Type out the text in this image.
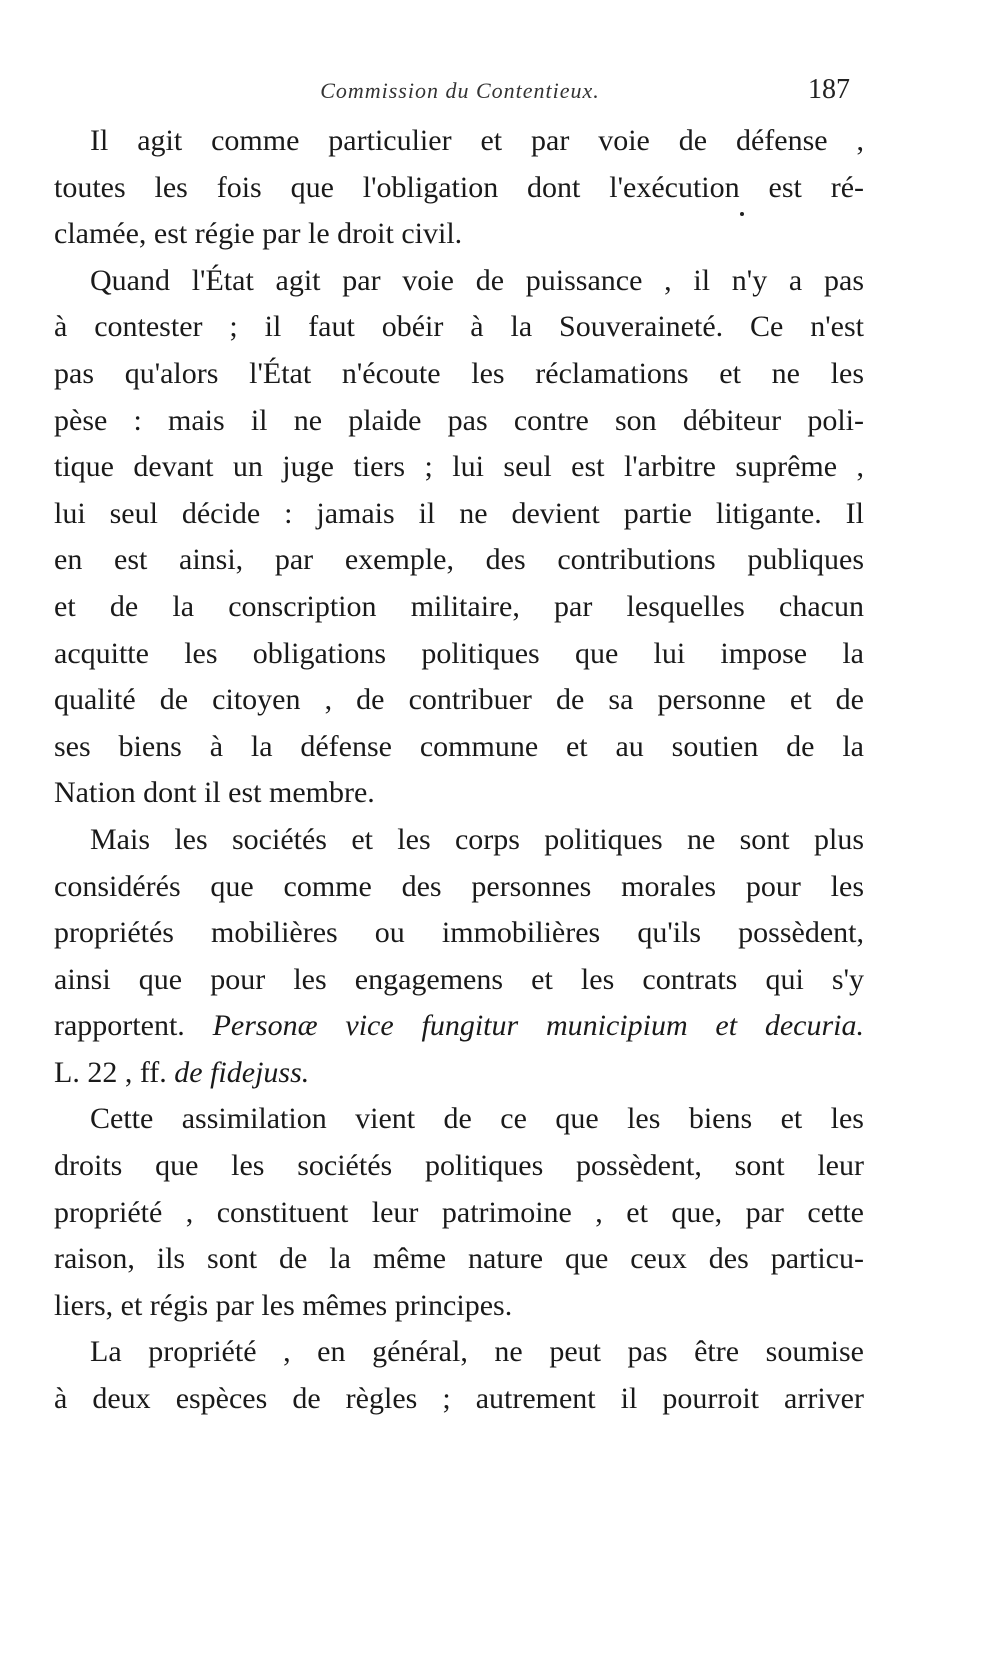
Commission du Contentieux.	187
Il agit comme particulier et par voie de défense ,
toutes les fois que l'obligation dont l'exécution est ré-
clamée, est régie par le droit civil.
Quand l'État agit par voie de puissance , il n'y a pas
à contester ; il faut obéir à la Souveraineté. Ce n'est
pas qu'alors l'État n'écoute les réclamations et ne les
pèse : mais il ne plaide pas contre son débiteur poli-
tique devant un juge tiers ; lui seul est l'arbitre suprême ,
lui seul décide : jamais il ne devient partie litigante. Il
en est ainsi, par exemple, des contributions publiques
et de la conscription militaire, par lesquelles chacun
acquitte les obligations politiques que lui impose la
qualité de citoyen , de contribuer de sa personne et de
ses biens à la défense commune et au soutien de la
Nation dont il est membre.
Mais les sociétés et les corps politiques ne sont plus
considérés que comme des personnes morales pour les
propriétés mobilières ou immobilières qu'ils possèdent,
ainsi que pour les engagemens et les contrats qui s'y
rapportent. Personæ vice fungitur municipium et decuria.
L. 22 , ff. de fidejuss.
Cette assimilation vient de ce que les biens et les
droits que les sociétés politiques possèdent, sont leur
propriété , constituent leur patrimoine , et que, par cette
raison, ils sont de la même nature que ceux des particu-
liers, et régis par les mêmes principes.
La propriété , en général, ne peut pas être soumise
à deux espèces de règles ; autrement il pourroit arriver
